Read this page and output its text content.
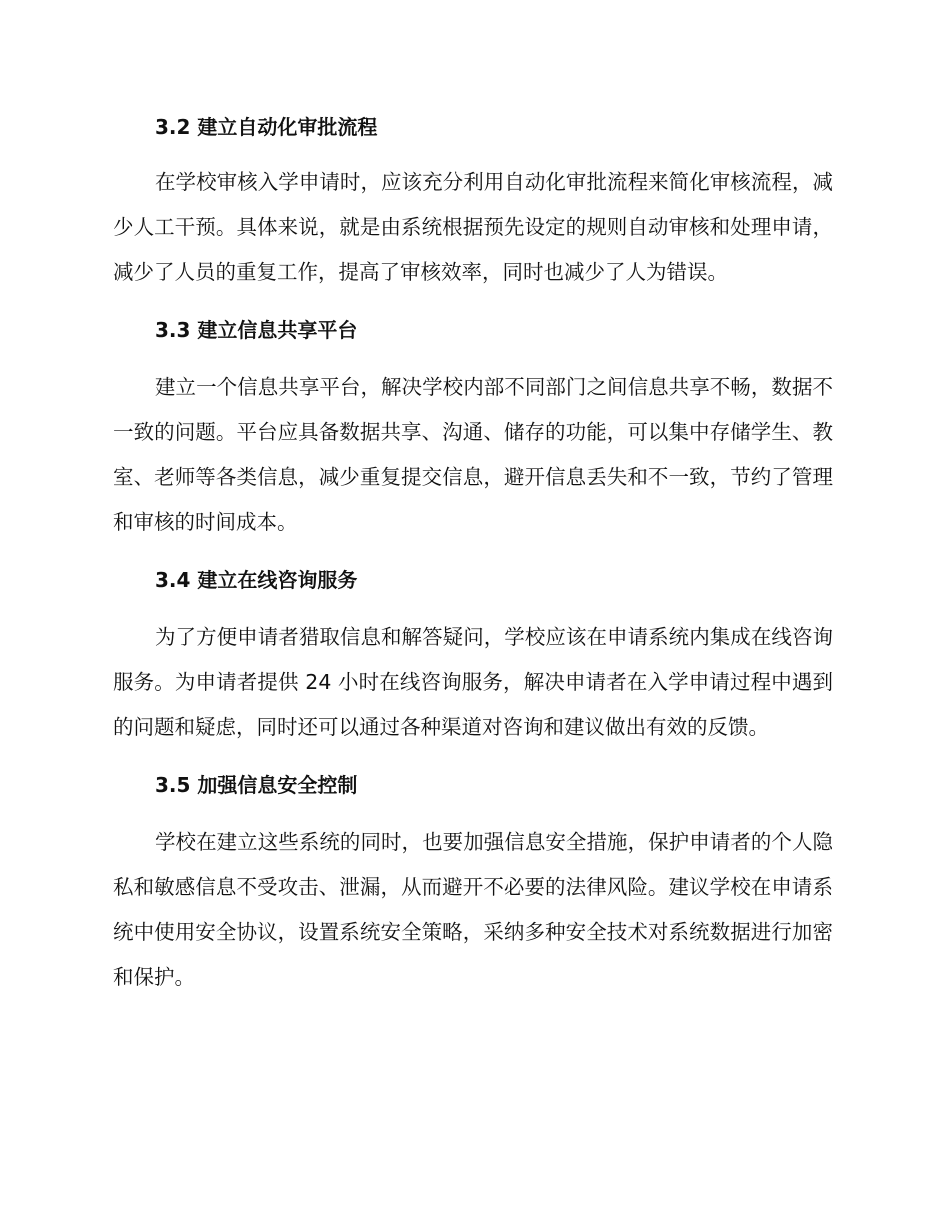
3.2 建立自动化审批流程

在学校审核入学申请时，应该充分利用自动化审批流程来简化审核流程，减少人工干预。具体来说，就是由系统根据预先设定的规则自动审核和处理申请，减少了人员的重复工作，提高了审核效率，同时也减少了人为错误。

3.3 建立信息共享平台

建立一个信息共享平台，解决学校内部不同部门之间信息共享不畅，数据不一致的问题。平台应具备数据共享、沟通、储存的功能，可以集中存储学生、教室、老师等各类信息，减少重复提交信息，避开信息丢失和不一致，节约了管理和审核的时间成本。

3.4 建立在线咨询服务

为了方便申请者猎取信息和解答疑问，学校应该在申请系统内集成在线咨询服务。为申请者提供 24 小时在线咨询服务，解决申请者在入学申请过程中遇到的问题和疑虑，同时还可以通过各种渠道对咨询和建议做出有效的反馈。

3.5 加强信息安全控制

学校在建立这些系统的同时，也要加强信息安全措施，保护申请者的个人隐私和敏感信息不受攻击、泄漏，从而避开不必要的法律风险。建议学校在申请系统中使用安全协议，设置系统安全策略，采纳多种安全技术对系统数据进行加密和保护。
